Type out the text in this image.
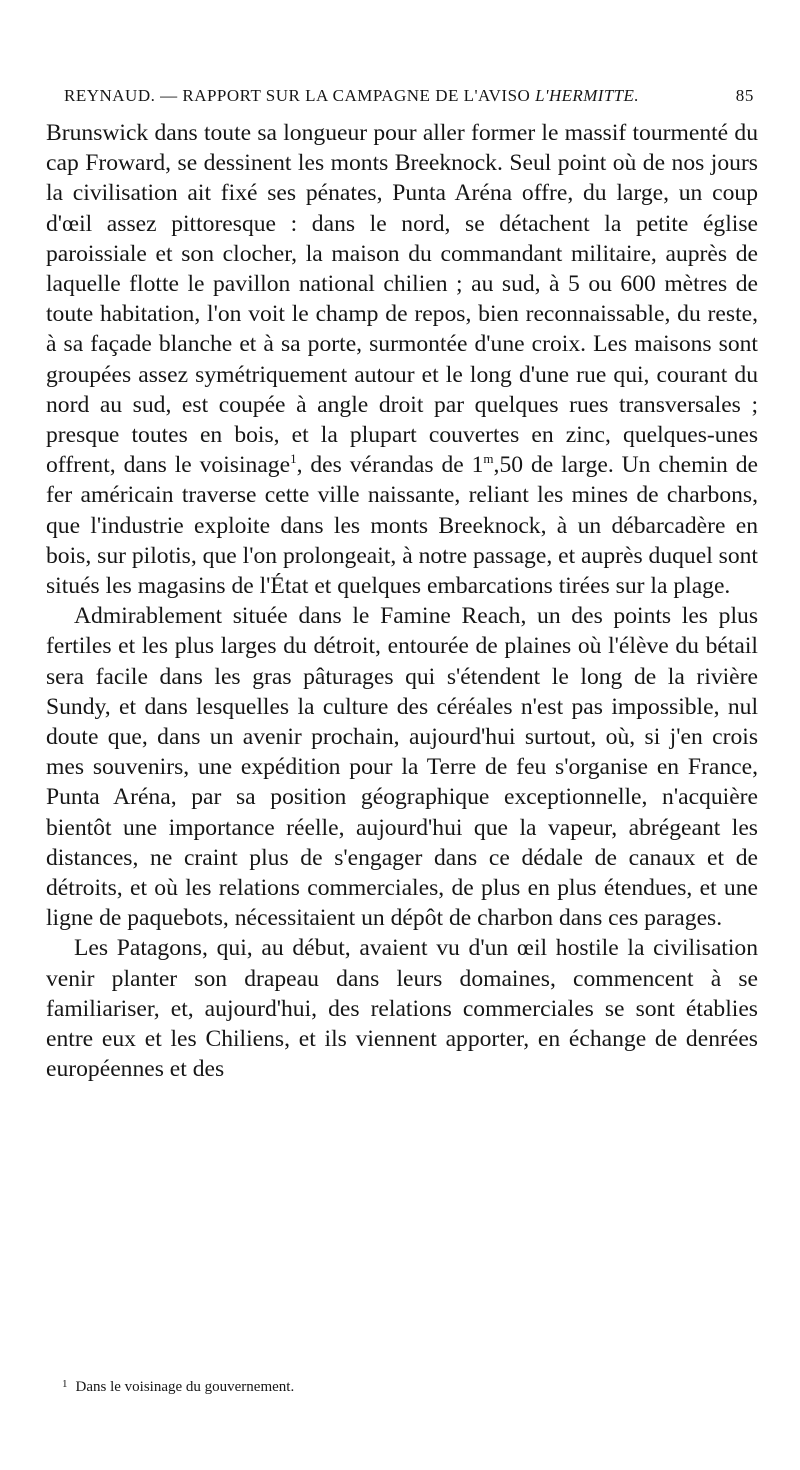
REYNAUD. — RAPPORT SUR LA CAMPAGNE DE L'AVISO L'HERMITTE.	85

Brunswick dans toute sa longueur pour aller former le massif tourmenté du cap Froward, se dessinent les monts Breeknock. Seul point où de nos jours la civilisation ait fixé ses pénates, Punta Aréna offre, du large, un coup d'œil assez pittoresque : dans le nord, se détachent la petite église paroissiale et son clocher, la maison du commandant militaire, auprès de laquelle flotte le pavillon national chilien ; au sud, à 5 ou 600 mètres de toute habitation, l'on voit le champ de repos, bien reconnaissable, du reste, à sa façade blanche et à sa porte, surmontée d'une croix. Les maisons sont groupées assez symétriquement autour et le long d'une rue qui, courant du nord au sud, est coupée à angle droit par quelques rues transversales ; presque toutes en bois, et la plupart couvertes en zinc, quelques-unes offrent, dans le voisinage$^1$, des vérandas de 1$^m$,50 de large. Un chemin de fer américain traverse cette ville naissante, reliant les mines de charbons, que l'industrie exploite dans les monts Breeknock, à un débarcadère en bois, sur pilotis, que l'on prolongeait, à notre passage, et auprès duquel sont situés les magasins de l'État et quelques embarcations tirées sur la plage.

Admirablement située dans le Famine Reach, un des points les plus fertiles et les plus larges du détroit, entourée de plaines où l'élève du bétail sera facile dans les gras pâturages qui s'étendent le long de la rivière Sundy, et dans lesquelles la culture des céréales n'est pas impossible, nul doute que, dans un avenir prochain, aujourd'hui surtout, où, si j'en crois mes souvenirs, une expédition pour la Terre de feu s'organise en France, Punta Aréna, par sa position géographique exceptionnelle, n'acquière bientôt une importance réelle, aujourd'hui que la vapeur, abrégeant les distances, ne craint plus de s'engager dans ce dédale de canaux et de détroits, et où les relations commerciales, de plus en plus étendues, et une ligne de paquebots, nécessitaient un dépôt de charbon dans ces parages.

Les Patagons, qui, au début, avaient vu d'un œil hostile la civilisation venir planter son drapeau dans leurs domaines, commencent à se familiariser, et, aujourd'hui, des relations commerciales se sont établies entre eux et les Chiliens, et ils viennent apporter, en échange de denrées européennes et des

$^1$ Dans le voisinage du gouvernement.
